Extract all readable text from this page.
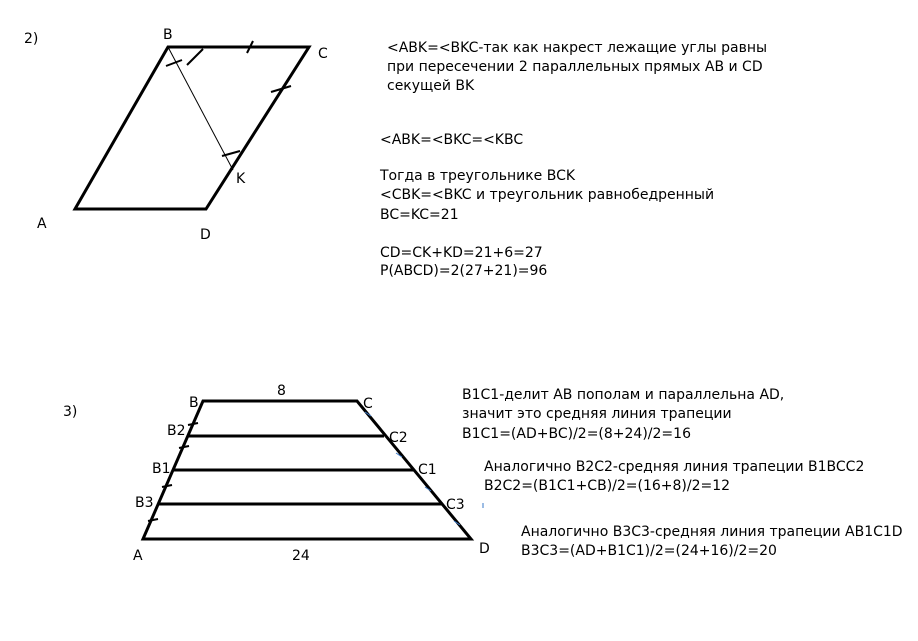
2)	B
C
A
D
K
<ABK=<BKC-так как накрест лежащие углы равны
при пересечении 2 параллельных прямых AB и CD
секущей BK
<ABK=<BKC=<KBC
Тогда в треугольнике BCK
<CBK=<BKC и треугольник равнобедренный
BC=KC=21
CD=CK+KD=21+6=27
P(ABCD)=2(27+21)=96
3)
B
8
C
B2	C2
B1	C1
B3	C3
A	24	D
B1C1-делит AB пополам и параллельна AD,
значит это средняя линия трапеции
B1C1=(AD+BC)/2=(8+24)/2=16
Аналогично B2C2-средняя линия трапеции B1BCC2
B2C2=(B1C1+CB)/2=(16+8)/2=12
Аналогично B3C3-средняя линия трапеции AB1C1D
B3C3=(AD+B1C1)/2=(24+16)/2=20
